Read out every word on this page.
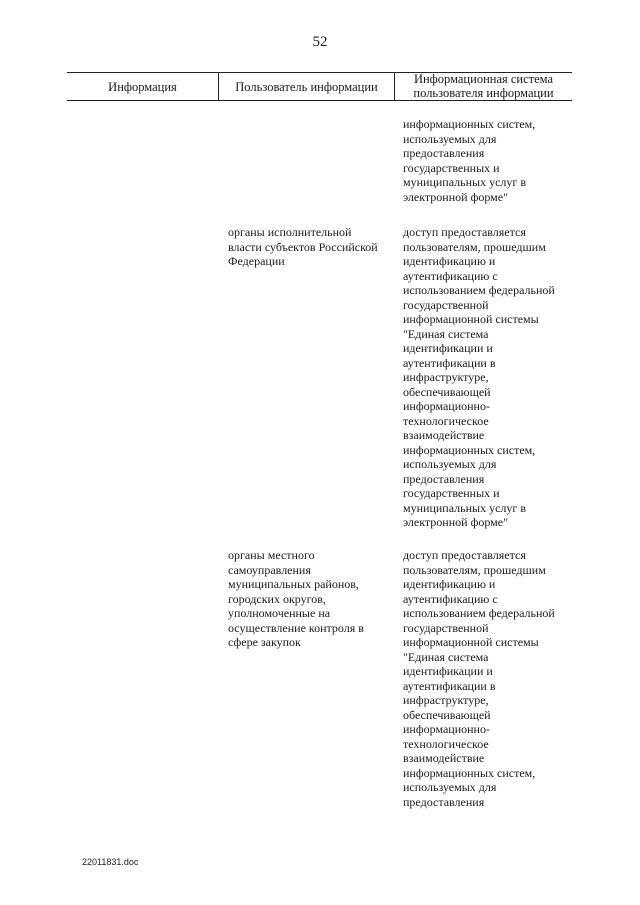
52
Информация	Пользователь информации
Информационная система
пользователя информации
информационных систем,
используемых для
предоставления
государственных и
муниципальных услуг в
электронной форме"
органы исполнительной
власти субъектов Российской
Федерации
доступ предоставляется
пользователям, прошедшим
идентификацию и
аутентификацию с
использованием федеральной
государственной
информационной системы
"Единая система
идентификации и
аутентификации в
инфраструктуре,
обеспечивающей
информационно-
технологическое
взаимодействие
информационных систем,
используемых для
предоставления
государственных и
муниципальных услуг в
электронной форме"
органы местного
самоуправления
муниципальных районов,
городских округов,
уполномоченные на
осуществление контроля в
сфере закупок
доступ предоставляется
пользователям, прошедшим
идентификацию и
аутентификацию с
использованием федеральной
государственной
информационной системы
"Единая система
идентификации и
аутентификации в
инфраструктуре,
обеспечивающей
информационно-
технологическое
взаимодействие
информационных систем,
используемых для
предоставления
22011831.doc
